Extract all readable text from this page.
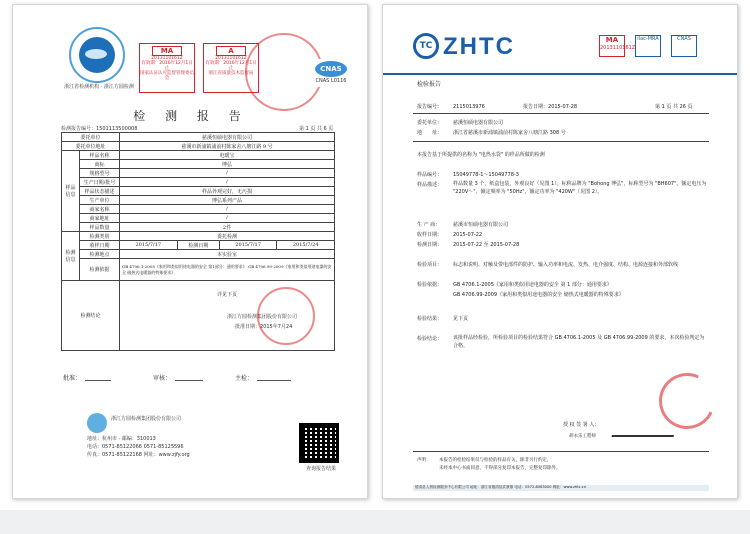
浙江省检测机构 · 浙江方圆检测
MA
2013110161Z
有效期：2016年12月1日止
国家认证认可监督管理委员会
A
2013110161Z
有效期：2016年12月1日止
浙江省质量技术监督局
CNAS
CNAS L0116
检 测 报 告
检测报告编号：1501113500008	第 1 页 共 6 页
委托单位		慈溪恒硕电器有限公司			
委托单位地址		慈溪市新浦镇浦前村陈家舍八塘江路 9 号			
样品信息	样品名称	电暖宝			
	商标	博弘			
	规格型号	/			
	生产日期/批号	/			
	样品状态描述	样品外观完好，无污损			
	生产单位	博弘系列产品			
	商家名称	/			
	商家地址	/			
	样品数量	2件			
检测信息	检测类别	委托检测			
	收样日期	2015/7/17	检测日期	2015/7/17	2015/7/24
	检测地点	本实验室			
	检测依据	GB 4706.1-2005《家用和类似用途电器的安全 第1部分：通用要求》 GB 4706.99-2009《家用和类似用途电器的安全 储热式电暖器的特殊要求》			
检测结论		详见下页			
浙江方圆检测集团股份有限公司
批准日期：2015年7月24
批准：	审核：	主检：
浙江方圆检测集团股份有限公司
地址：杭州市 · 邮编：310013
电话：0571-85122066 0571-85125596
传真：0571-85122168 网址：www.zjfy.org
查询报告结果
TC ZHTC	MA
2013110161Z
ilac-MRA	CNAS
检验报告
报告编号： 2115013976	报告日期：2015-07-28	第 1 页 共 26 页
委托单位： 慈溪恒硕电器有限公司
地　　址： 浙江省慈溪市新浦镇浦前村陈家舍八塘江路 308 号
本报告基于所提供的名称为 "电热水袋" 的样品所做的检测
样品编号： 15049778-1～15049778-3
样品描述： 样品数量 3 个，纸盒包装，外观良好（见图 1）。标称品牌为 "Bohong 博弘"，标称型号为 "BH607"，额定电压为 "220V～"，额定频率为 "50Hz"，额定功率为 "420W"（见图 2）。
生 产 商：	慈溪市恒硕电器有限公司
收样日期： 2015-07-22
检测日期： 2015-07-22 至 2015-07-28
检验项目： 标志和说明、对触及带电部件的防护、输入功率和电流、发热、电介强度、结构、电源连接和外部软线
检验依据： GB 4706.1-2005《家用和类似用途电器的安全 第 1 部分：通用要求》
GB 4706.99-2009《家用和类似用途电器的安全 储热式电暖器的特殊要求》
检验结果： 见下页
检验结论： 该批样品经检验，所检验项目的检验结果符合 GB 4706.1-2005 及 GB 4706.99-2009 的要求，本次检验判定为合格。
授 权 签 署 人：
胡永乐工程师
声明： 本报告的检验结果仅与检验的样品有关，除非另行约定，
未经本中心书面同意，不得部分复印本报告，完整复印除外。
德清县人晨检测服务中心有限公司 地址：浙江省德清县武康镇 电话：0572-8063000 网址：www.zhtc.cn
